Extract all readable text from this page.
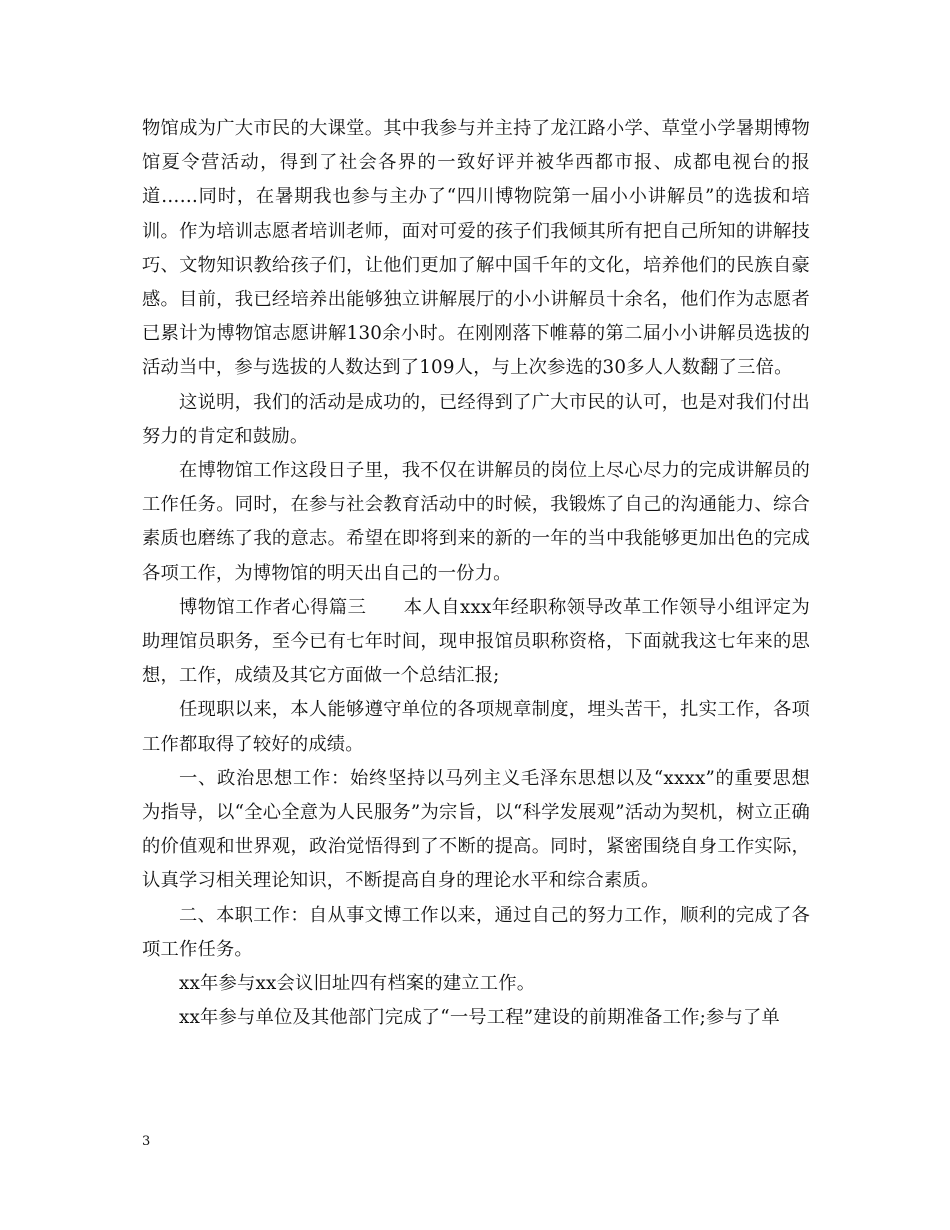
物馆成为广大市民的大课堂。其中我参与并主持了龙江路小学、草堂小学暑期博物馆夏令营活动，得到了社会各界的一致好评并被华西都市报、成都电视台的报道……同时，在暑期我也参与主办了“四川博物院第一届小小讲解员”的选拔和培训。作为培训志愿者培训老师，面对可爱的孩子们我倾其所有把自己所知的讲解技巧、文物知识教给孩子们，让他们更加了解中国千年的文化，培养他们的民族自豪感。目前，我已经培养出能够独立讲解展厅的小小讲解员十余名，他们作为志愿者已累计为博物馆志愿讲解130余小时。在刚刚落下帷幕的第二届小小讲解员选拔的活动当中，参与选拔的人数达到了109人，与上次参选的30多人人数翻了三倍。

这说明，我们的活动是成功的，已经得到了广大市民的认可，也是对我们付出努力的肯定和鼓励。

在博物馆工作这段日子里，我不仅在讲解员的岗位上尽心尽力的完成讲解员的工作任务。同时，在参与社会教育活动中的时候，我锻炼了自己的沟通能力、综合素质也磨练了我的意志。希望在即将到来的新的一年的当中我能够更加出色的完成各项工作，为博物馆的明天出自己的一份力。

博物馆工作者心得篇三　　本人自xxx年经职称领导改革工作领导小组评定为助理馆员职务，至今已有七年时间，现申报馆员职称资格，下面就我这七年来的思想，工作，成绩及其它方面做一个总结汇报;

任现职以来，本人能够遵守单位的各项规章制度，埋头苦干，扎实工作，各项工作都取得了较好的成绩。

一、政治思想工作：始终坚持以马列主义毛泽东思想以及“xxxx”的重要思想为指导，以“全心全意为人民服务”为宗旨，以“科学发展观”活动为契机，树立正确的价值观和世界观，政治觉悟得到了不断的提高。同时，紧密围绕自身工作实际，认真学习相关理论知识，不断提高自身的理论水平和综合素质。

二、本职工作：自从事文博工作以来，通过自己的努力工作，顺利的完成了各项工作任务。

xx年参与xx会议旧址四有档案的建立工作。

xx年参与单位及其他部门完成了“一号工程”建设的前期准备工作;参与了单

3
